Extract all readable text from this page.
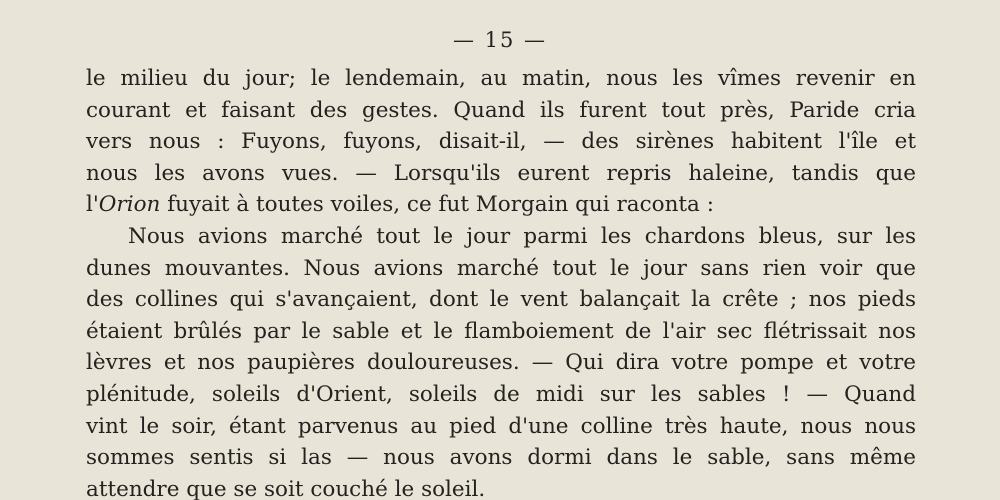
— 15 —
le milieu du jour; le lendemain, au matin, nous les vîmes revenir en
courant et faisant des gestes. Quand ils furent tout près, Paride cria
vers nous : Fuyons, fuyons, disait-il, — des sirènes habitent l'île et
nous les avons vues. — Lorsqu'ils eurent repris haleine, tandis que
l'Orion fuyait à toutes voiles, ce fut Morgain qui raconta :
Nous avions marché tout le jour parmi les chardons bleus, sur les
dunes mouvantes. Nous avions marché tout le jour sans rien voir que
des collines qui s'avançaient, dont le vent balançait la crête ; nos pieds
étaient brûlés par le sable et le flamboiement de l'air sec flétrissait nos
lèvres et nos paupières douloureuses. — Qui dira votre pompe et votre
plénitude, soleils d'Orient, soleils de midi sur les sables ! — Quand
vint le soir, étant parvenus au pied d'une colline très haute, nous nous
sommes sentis si las — nous avons dormi dans le sable, sans même
attendre que se soit couché le soleil.
